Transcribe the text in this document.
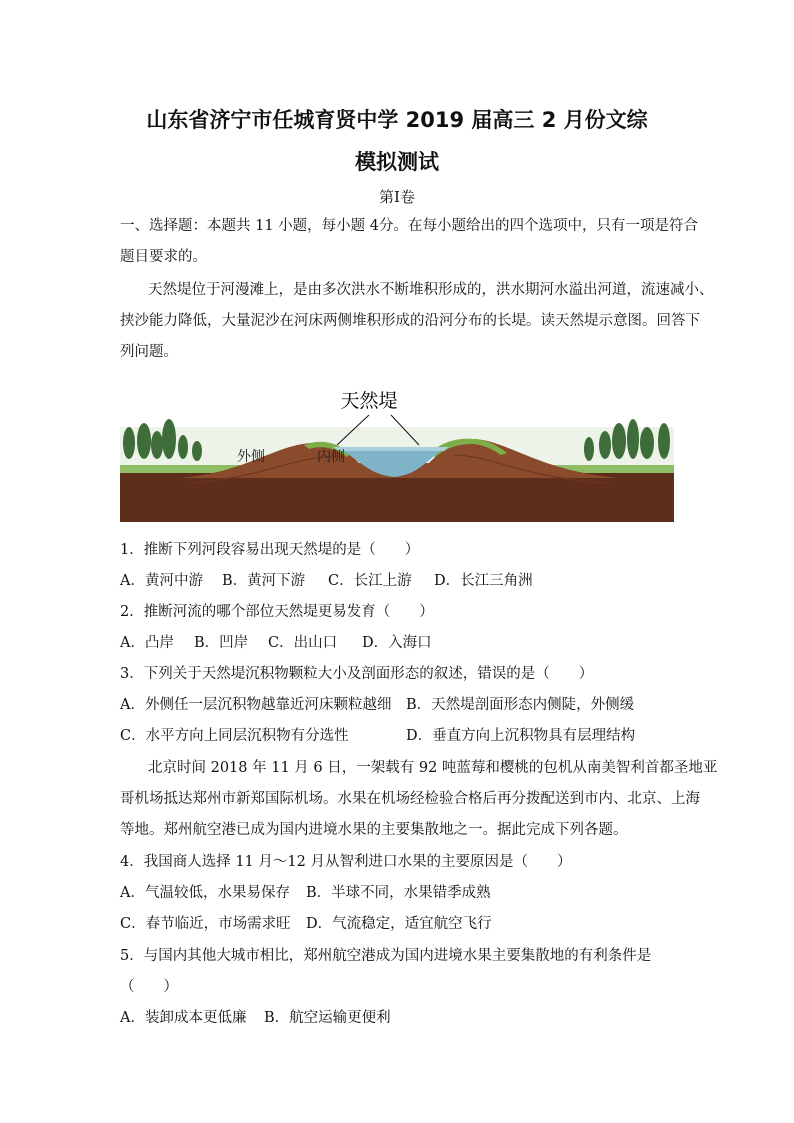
山东省济宁市任城育贤中学 2019 届高三 2 月份文综
模拟测试
第Ⅰ卷
一、选择题：本题共 11 小题，每小题 4分。在每小题给出的四个选项中，只有一项是符合
题目要求的。
天然堤位于河漫滩上，是由多次洪水不断堆积形成的，洪水期河水溢出河道，流速减小、
挟沙能力降低，大量泥沙在河床两侧堆积形成的沿河分布的长堤。读天然堤示意图。回答下
列问题。
天然堤
外侧	内侧
1．推断下列河段容易出现天然堤的是（　　）
A．黄河中游 B．黄河下游 C．长江上游 D．长江三角洲
2．推断河流的哪个部位天然堤更易发育（　　）
A．凸岸 B．凹岸 C．出山口 D．入海口
3．下列关于天然堤沉积物颗粒大小及剖面形态的叙述，错误的是（　　）
A．外侧任一层沉积物越靠近河床颗粒越细 B．天然堤剖面形态内侧陡，外侧缓
C．水平方向上同层沉积物有分选性	D．垂直方向上沉积物具有层理结构
北京时间 2018 年 11 月 6 日，一架载有 92 吨蓝莓和樱桃的包机从南美智利首都圣地亚
哥机场抵达郑州市新郑国际机场。水果在机场经检验合格后再分拨配送到市内、北京、上海
等地。郑州航空港已成为国内进境水果的主要集散地之一。据此完成下列各题。
4．我国商人选择 11 月～12 月从智利进口水果的主要原因是（　　）
A．气温较低，水果易保存 B．半球不同，水果错季成熟
C．春节临近，市场需求旺 D．气流稳定，适宜航空飞行
5．与国内其他大城市相比，郑州航空港成为国内进境水果主要集散地的有利条件是
（　　）
A．装卸成本更低廉 B．航空运输更便利
